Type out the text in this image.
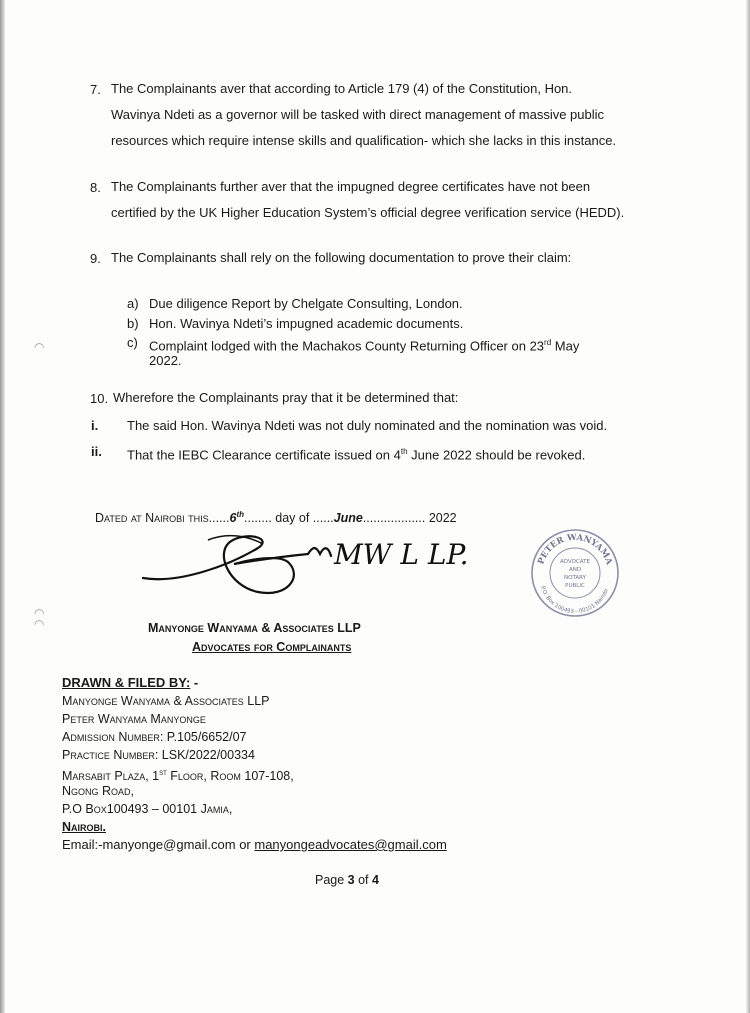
◠
◠
◠
7. The Complainants aver that according to Article 179 (4) of the Constitution, Hon.
Wavinya Ndeti as a governor will be tasked with direct management of massive public
resources which require intense skills and qualification- which she lacks in this instance.
8. The Complainants further aver that the impugned degree certificates have not been
certified by the UK Higher Education System’s official degree verification service (HEDD).
9. The Complainants shall rely on the following documentation to prove their claim:
a) Due diligence Report by Chelgate Consulting, London.
b) Hon. Wavinya Ndeti’s impugned academic documents.
c) Complaint lodged with the Machakos County Returning Officer on 23rd May
2022.
10. Wherefore the Complainants pray that it be determined that:
i. The said Hon. Wavinya Ndeti was not duly nominated and the nomination was void.
ii. That the IEBC Clearance certificate issued on 4th June 2022 should be revoked.
Dated at Nairobi this......6th........ day of ......June.................. 2022
MW L LP.	PETER WANYAMA
P.O. Box 100493 - 00101 Nairobi
ADVOCATE
AND
NOTARY
PUBLIC
Manyonge Wanyama & Associates LLP
Advocates for Complainants
DRAWN & FILED BY: -
Manyonge Wanyama & Associates LLP
Peter Wanyama Manyonge
Admission Number: P.105/6652/07
Practice Number: LSK/2022/00334
Marsabit Plaza, 1st Floor, Room 107-108,
Ngong Road,
P.O Box100493 – 00101 Jamia,
Nairobi.
Email:-manyonge@gmail.com or manyongeadvocates@gmail.com
Page 3 of 4
